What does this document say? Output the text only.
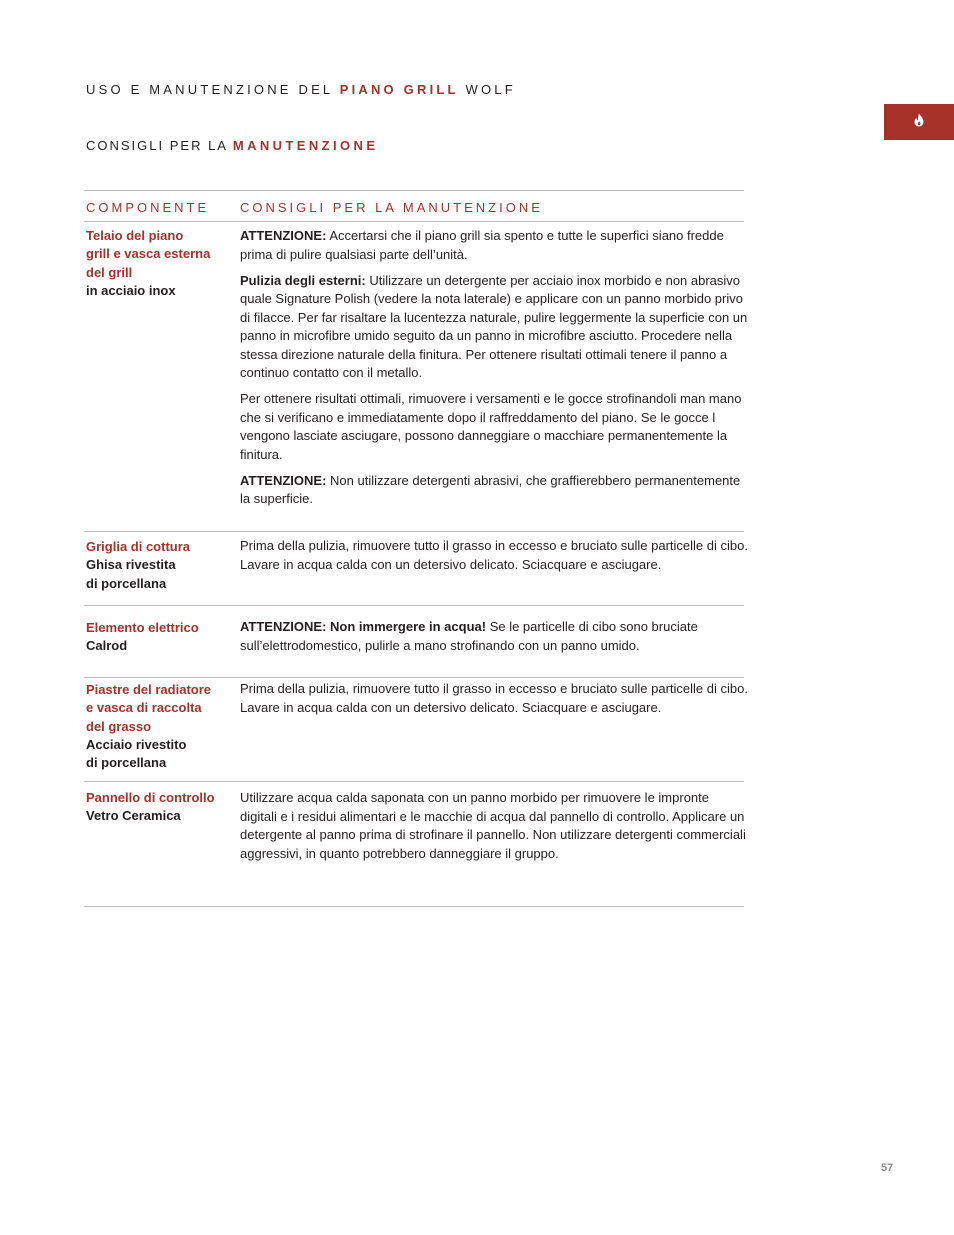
USO E MANUTENZIONE DEL PIANO GRILL WOLF
CONSIGLI PER LA MANUTENZIONE
COMPONENTE CONSIGLI PER LA MANUTENZIONE
Telaio del piano
grill e vasca esterna
del grill
in acciaio inox

ATTENZIONE: Accertarsi che il piano grill sia spento e tutte le superfici siano fredde prima di pulire qualsiasi parte dell’unità.

Pulizia degli esterni: Utilizzare un detergente per acciaio inox morbido e non abrasivo quale Signature Polish (vedere la nota laterale) e applicare con un panno morbido privo di filacce. Per far risaltare la lucentezza naturale, pulire leggermente la superficie con un panno in microfibre umido seguito da un panno in microfibre asciutto. Procedere nella stessa direzione naturale della finitura. Per ottenere risultati ottimali tenere il panno a continuo contatto con il metallo.

Per ottenere risultati ottimali, rimuovere i versamenti e le gocce strofinandoli man mano che si verificano e immediatamente dopo il raffreddamento del piano. Se le gocce l vengono lasciate asciugare, possono danneggiare o macchiare permanentemente la finitura.

ATTENZIONE: Non utilizzare detergenti abrasivi, che graffierebbero permanentemente la superficie.

Griglia di cottura
Ghisa rivestita
di porcellana

Prima della pulizia, rimuovere tutto il grasso in eccesso e bruciato sulle particelle di cibo. Lavare in acqua calda con un detersivo delicato. Sciacquare e asciugare.

Elemento elettrico
Calrod

ATTENZIONE: Non immergere in acqua! Se le particelle di cibo sono bruciate sull’elettrodomestico, pulirle a mano strofinando con un panno umido.

Piastre del radiatore
e vasca di raccolta
del grasso
Acciaio rivestito
di porcellana

Prima della pulizia, rimuovere tutto il grasso in eccesso e bruciato sulle particelle di cibo. Lavare in acqua calda con un detersivo delicato. Sciacquare e asciugare.

Pannello di controllo
Vetro Ceramica

Utilizzare acqua calda saponata con un panno morbido per rimuovere le impronte digitali e i residui alimentari e le macchie di acqua dal pannello di controllo. Applicare un detergente al panno prima di strofinare il pannello. Non utilizzare detergenti commerciali aggressivi, in quanto potrebbero danneggiare il gruppo.

57
